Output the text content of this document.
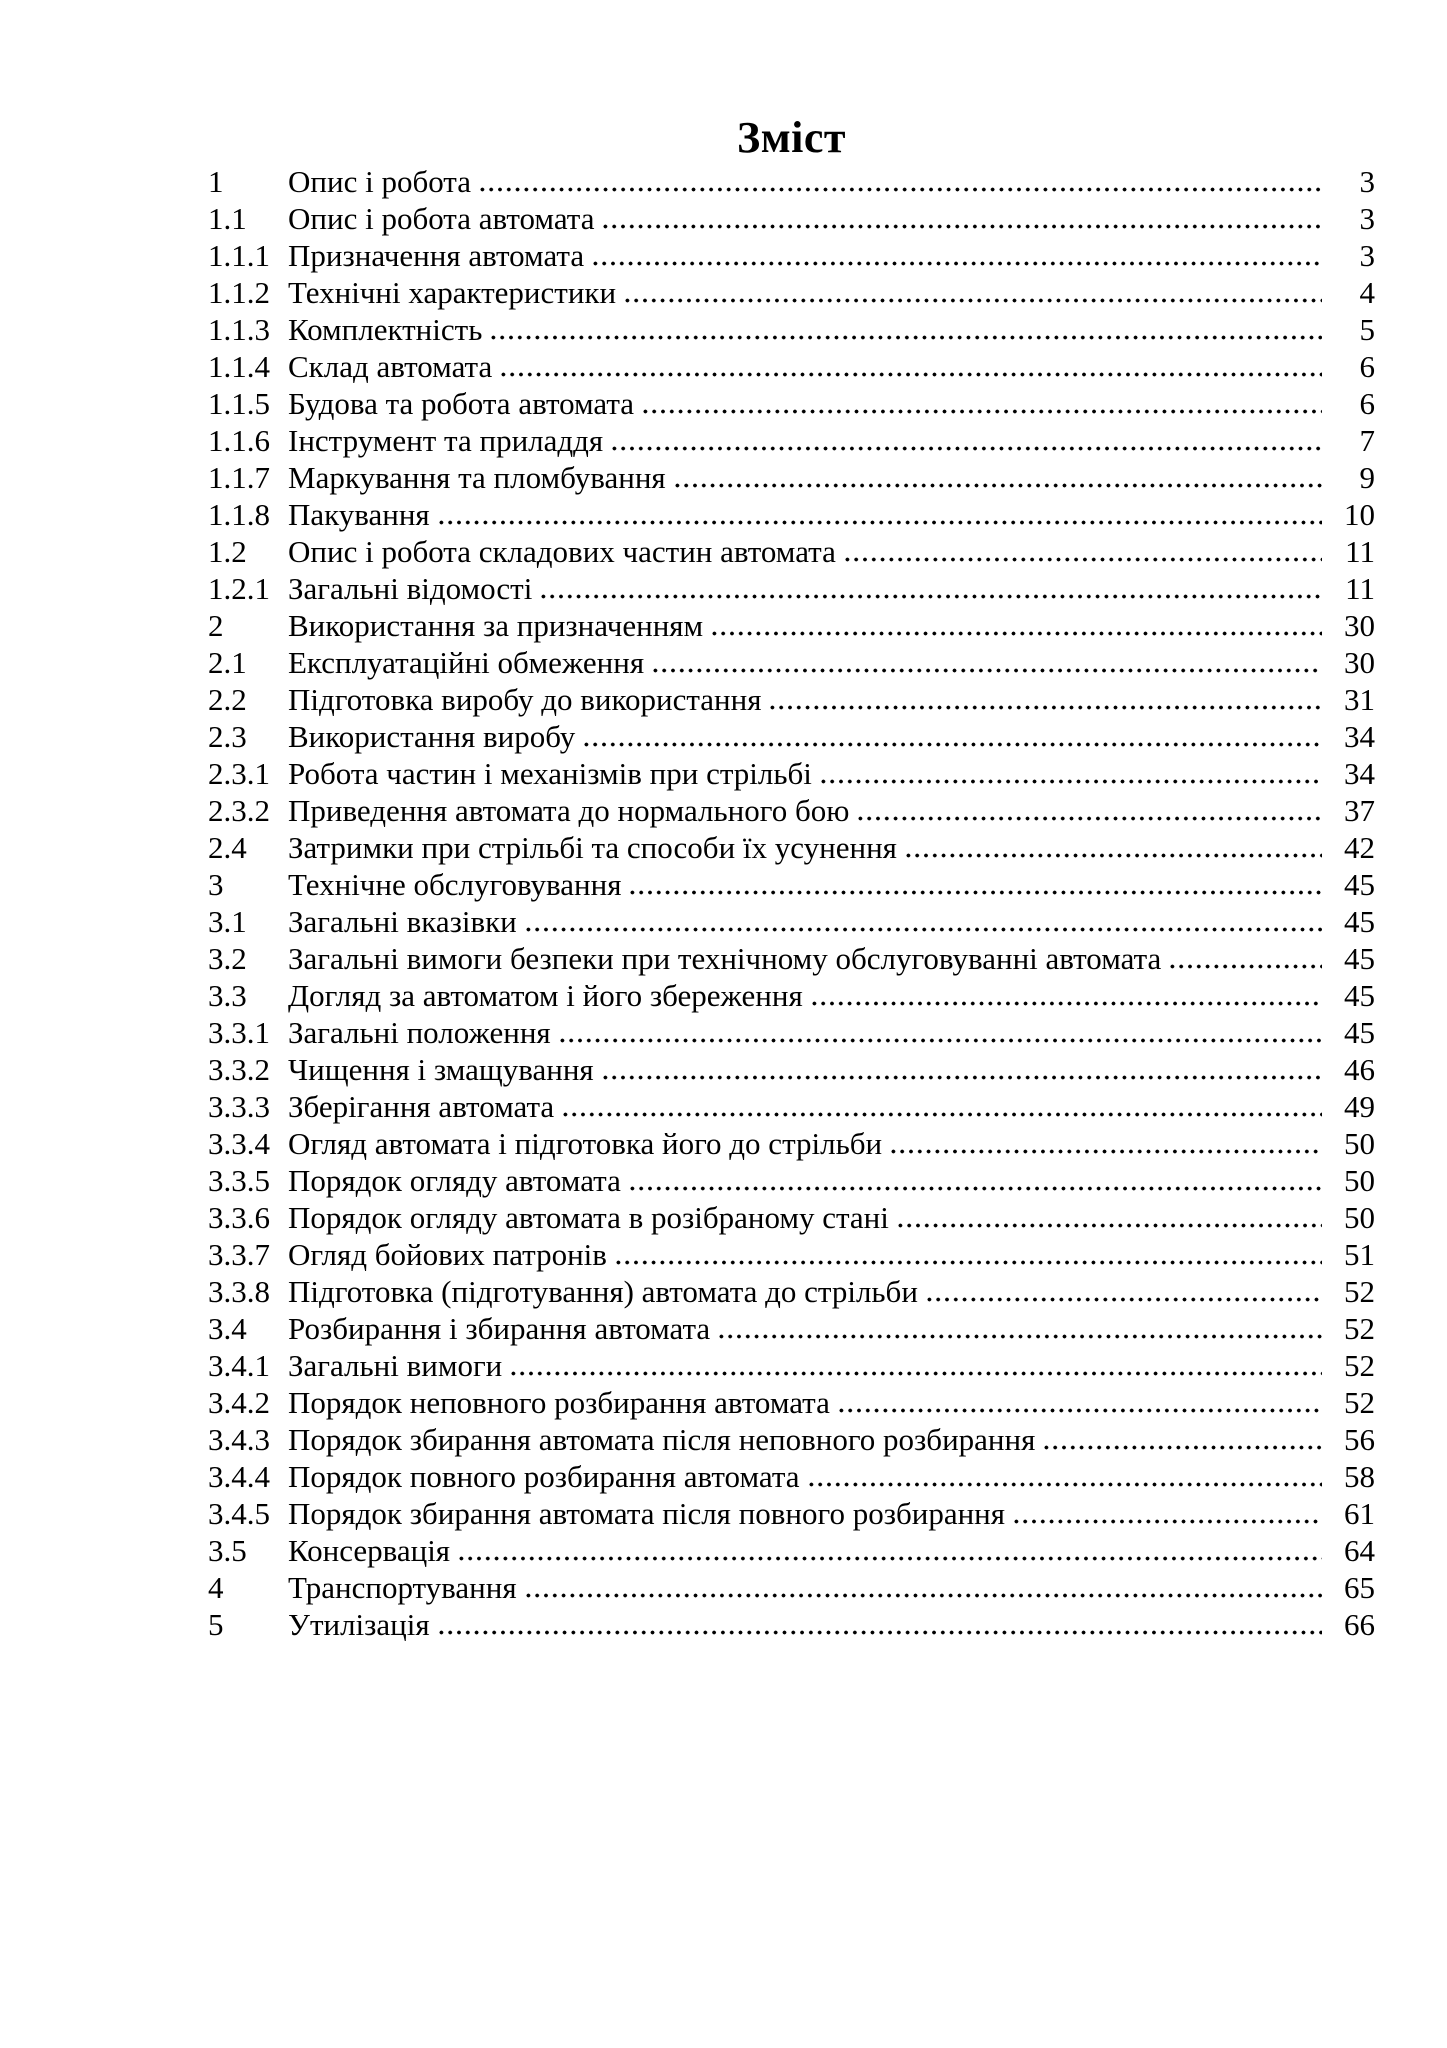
Зміст
1	Опис і робота	3
1.1	Опис і робота автомата	3
1.1.1 Призначення автомата	3
1.1.2 Технічні характеристики	4
1.1.3 Комплектність	5
1.1.4 Склад автомата	6
1.1.5 Будова та робота автомата	6
1.1.6 Інструмент та приладдя	7
1.1.7 Маркування та пломбування	9
1.1.8 Пакування	10
1.2	Опис і робота складових частин автомата	11
1.2.1 Загальні відомості	11
2	Використання за призначенням	30
2.1	Експлуатаційні обмеження	30
2.2	Підготовка виробу до використання	31
2.3	Використання виробу	34
2.3.1 Робота частин і механізмів при стрільбі	34
2.3.2 Приведення автомата до нормального бою	37
2.4	Затримки при стрільбі та способи їх усунення	42
3	Технічне обслуговування	45
3.1	Загальні вказівки	45
3.2	Загальні вимоги безпеки при технічному обслуговуванні автомата	45
3.3	Догляд за автоматом і його збереження	45
3.3.1 Загальні положення	45
3.3.2 Чищення і змащування	46
3.3.3 Зберігання автомата	49
3.3.4 Огляд автомата і підготовка його до стрільби	50
3.3.5 Порядок огляду автомата	50
3.3.6 Порядок огляду автомата в розібраному стані	50
3.3.7 Огляд бойових патронів	51
3.3.8 Підготовка (підготування) автомата до стрільби	52
3.4	Розбирання і збирання автомата	52
3.4.1 Загальні вимоги	52
3.4.2 Порядок неповного розбирання автомата	52
3.4.3 Порядок збирання автомата після неповного розбирання	56
3.4.4 Порядок повного розбирання автомата	58
3.4.5 Порядок збирання автомата після повного розбирання	61
3.5	Консервація	64
4	Транспортування	65
5	Утилізація	66
